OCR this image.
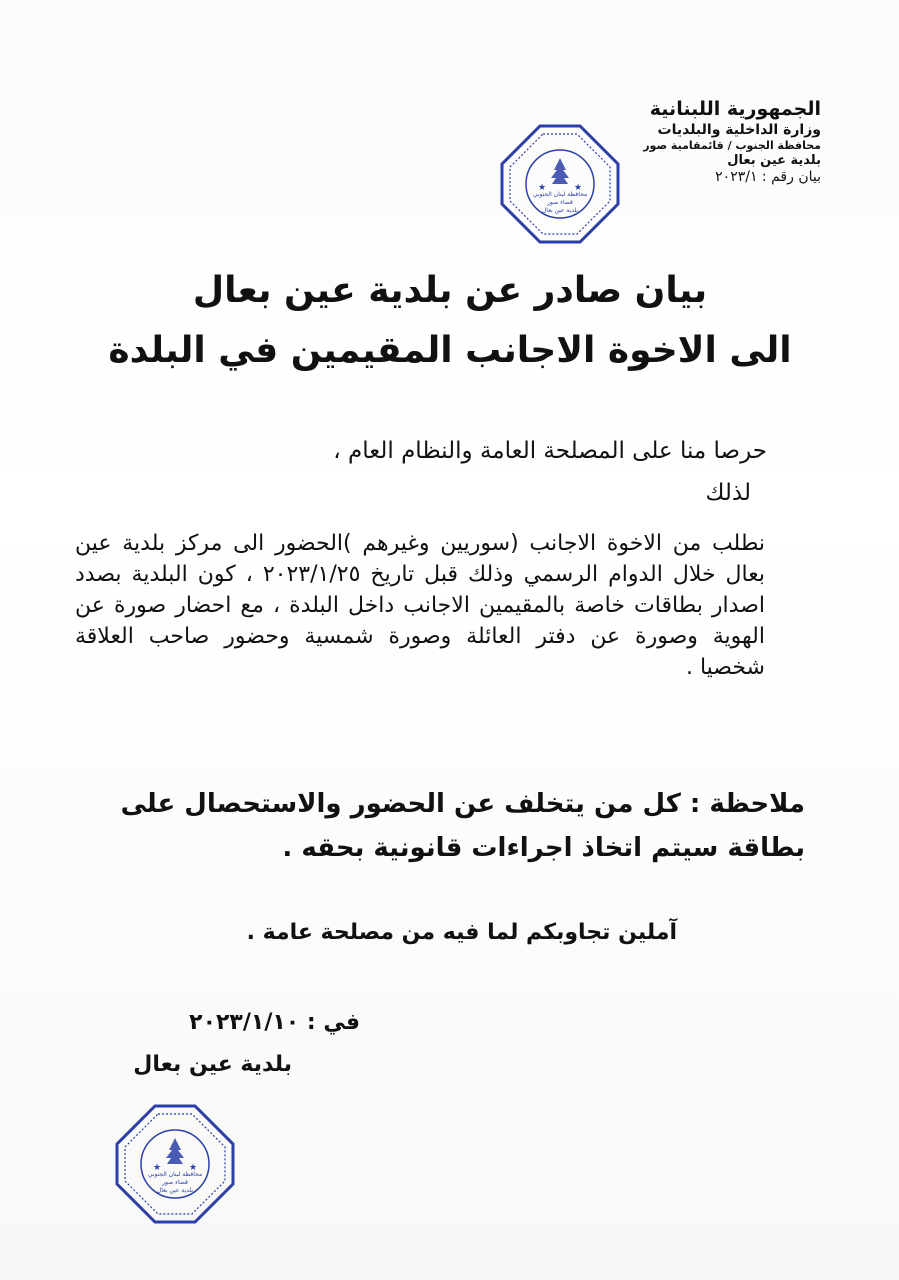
الجمهورية اللبنانية
وزارة الداخلية والبلديات
محافظة الجنوب / قائمقامية صور
بلدية عين بعال
بيان رقم : ٢٠٢٣/١
★	★
محافظة لبنان الجنوبي
قضاء صور
بلدية عين بعال
بيان صادر عن بلدية عين بعال
الى الاخوة الاجانب المقيمين في البلدة
حرصا منا على المصلحة العامة والنظام العام ،
لذلك
نطلب من الاخوة الاجانب (سوريين وغيرهم )الحضور الى مركز بلدية عين بعال خلال الدوام الرسمي وذلك قبل تاريخ ٢٠٢٣/١/٢٥ ، كون البلدية بصدد اصدار بطاقات خاصة بالمقيمين الاجانب داخل البلدة ، مع احضار صورة عن الهوية وصورة عن دفتر العائلة وصورة شمسية وحضور صاحب العلاقة شخصيا .
ملاحظة : كل من يتخلف عن الحضور والاستحصال على بطاقة سيتم اتخاذ اجراءات قانونية بحقه .
آملين تجاوبكم لما فيه من مصلحة عامة .
في : ٢٠٢٣/١/١٠
بلدية عين بعال
★	★
محافظة لبنان الجنوبي
قضاء صور
بلدية عين بعال
